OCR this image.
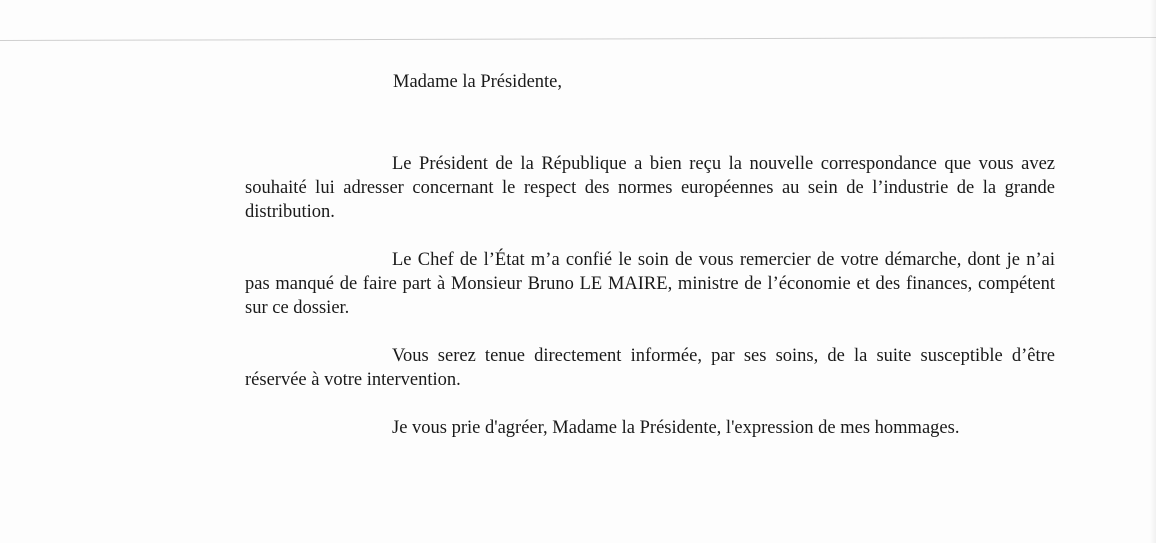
Madame la Présidente,

Le Président de la République a bien reçu la nouvelle correspondance que vous avez souhaité lui adresser concernant le respect des normes européennes au sein de l’industrie de la grande distribution.

Le Chef de l’État m’a confié le soin de vous remercier de votre démarche, dont je n’ai pas manqué de faire part à Monsieur Bruno LE MAIRE, ministre de l’économie et des finances, compétent sur ce dossier.

Vous serez tenue directement informée, par ses soins, de la suite susceptible d’être réservée à votre intervention.

Je vous prie d'agréer, Madame la Présidente, l'expression de mes hommages.
